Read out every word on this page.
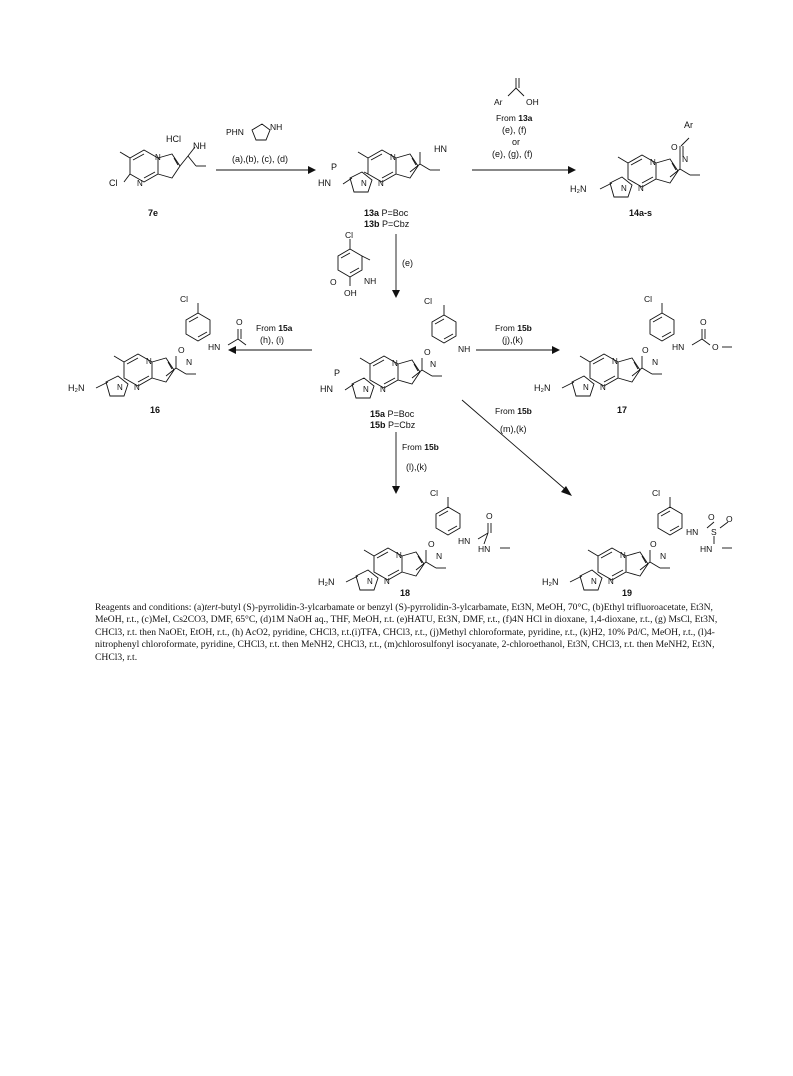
HCl
NH
Cl
N
N
7e
PHN	NH
(a),(b), (c), (d)
P
HN	N
N
N
HN
13a P=Boc
13b P=Cbz
Ar	OH
From 13a
(e), (f)
or
(e), (g), (f)
Ar
O
N
H₂N	N
N
N
14a-s
Cl
NH
O
OH
(e)
Cl
O	NH
N
P
HN	N
N
N
15a P=Boc
15b P=Cbz
From 15a
(h), (i)
Cl
O	HN
O
N
H₂N	N
N
N
16
From 15b
(j),(k)
Cl
O	HN
O
O
N
H₂N	N
N
N
17
From 15b
(l),(k)
Cl
O	HN
O
HN
N
H₂N	N
N
N
18
From 15b
(m),(k)
Cl
O
HN S
O O
HN
N
H₂N	N
N
N
19
Reagents and conditions: (a)tert-butyl (S)-pyrrolidin-3-ylcarbamate or benzyl (S)-pyrrolidin-3-ylcarbamate, Et3N, MeOH, 70°C, (b)Ethyl trifluoroacetate, Et3N, MeOH, r.t., (c)MeI, Cs2CO3, DMF, 65°C, (d)1M NaOH aq., THF, MeOH, r.t. (e)HATU, Et3N, DMF, r.t., (f)4N HCl in dioxane, 1,4-dioxane, r.t., (g) MsCl, Et3N, CHCl3, r.t. then NaOEt, EtOH, r.t., (h) AcO2, pyridine, CHCl3, r.t.(i)TFA, CHCl3, r.t., (j)Methyl chloroformate, pyridine, r.t., (k)H2, 10% Pd/C, MeOH, r.t., (l)4-nitrophenyl chloroformate, pyridine, CHCl3, r.t. then MeNH2, CHCl3, r.t., (m)chlorosulfonyl isocyanate, 2-chloroethanol, Et3N, CHCl3, r.t. then MeNH2, Et3N, CHCl3, r.t.
